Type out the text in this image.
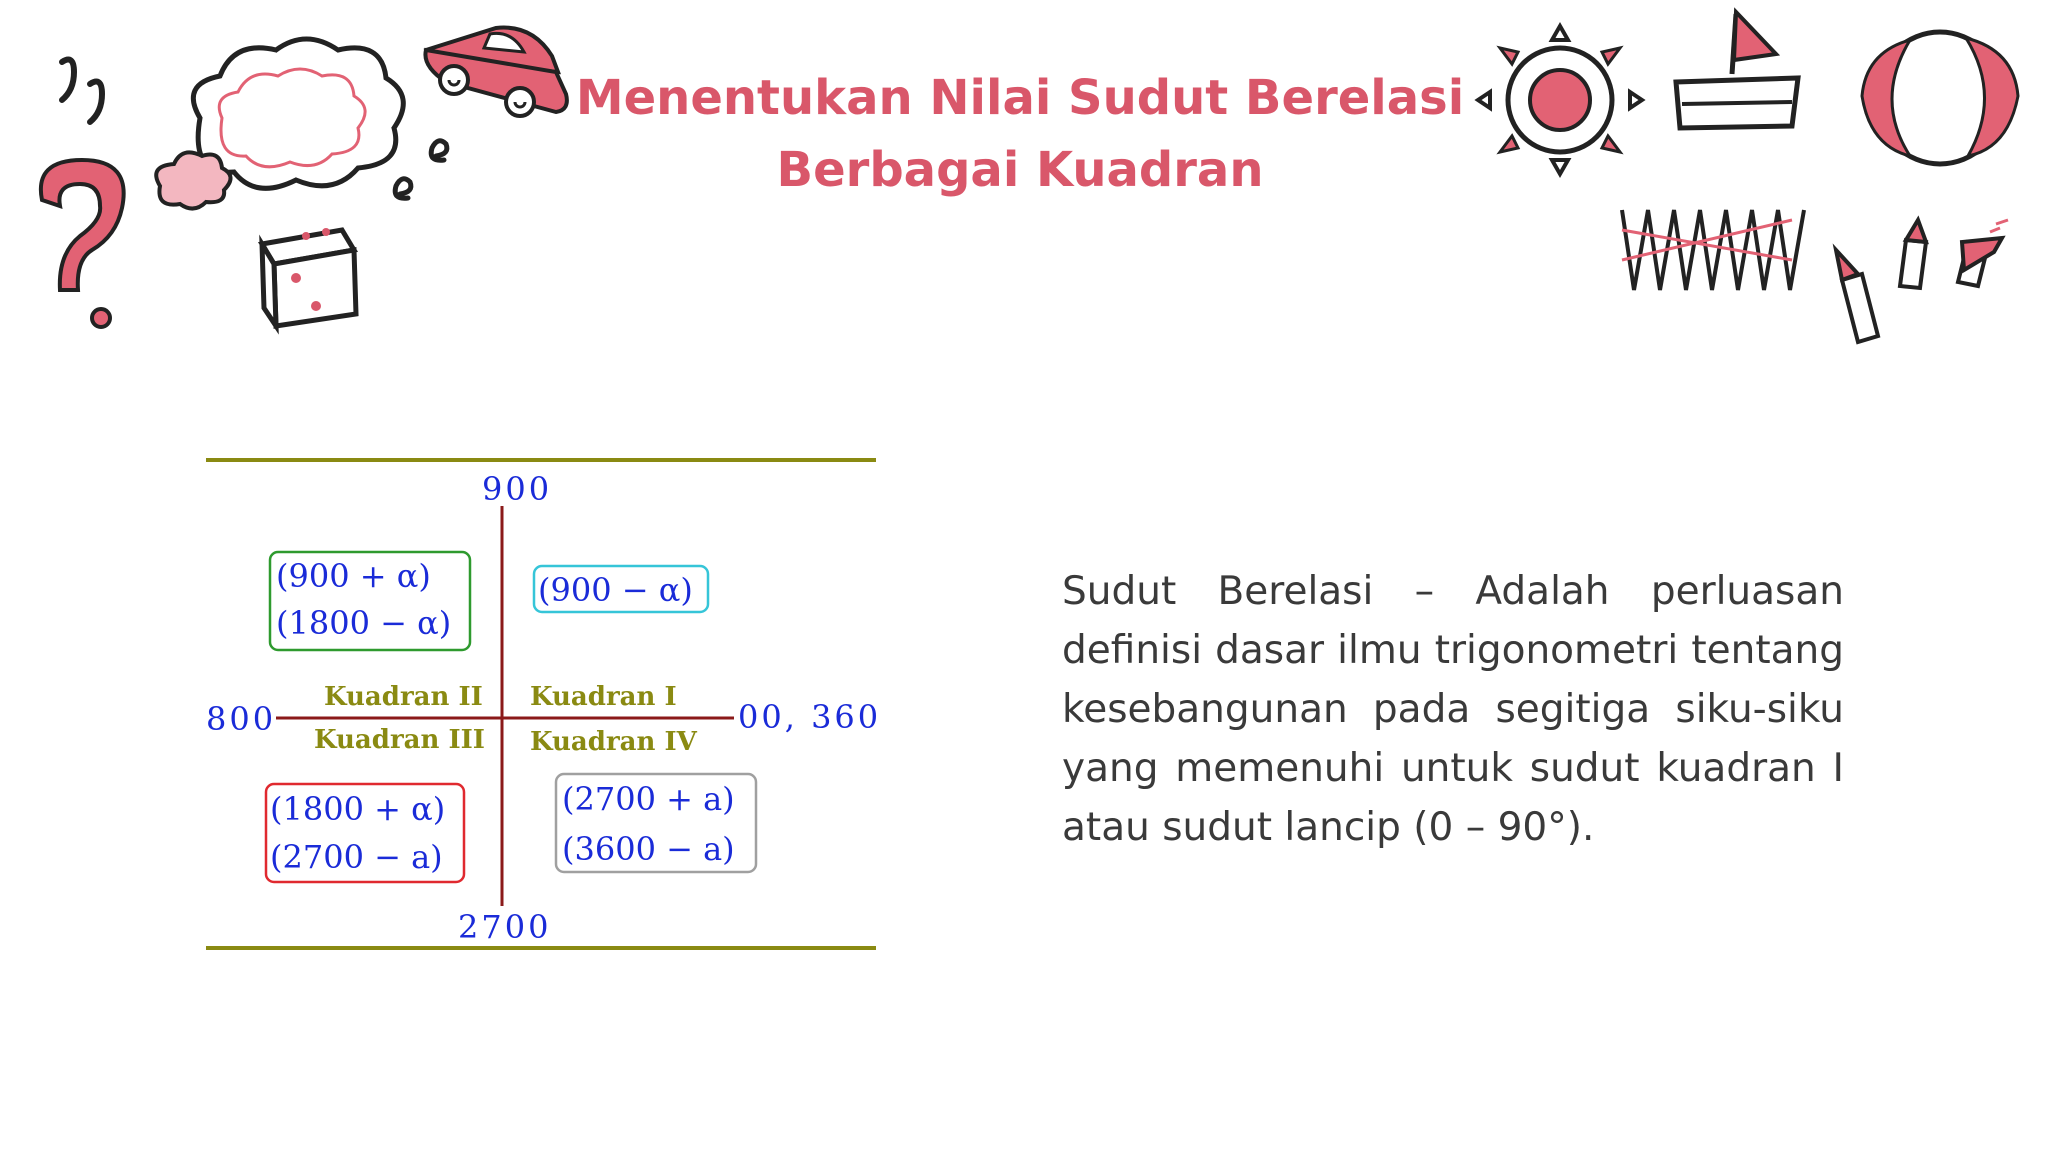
Menentukan Nilai Sudut Berelasi
Berbagai Kuadran
900
800	00, 360
2700
Kuadran II Kuadran I
Kuadran III Kuadran IV
(900 + α)
(1800 − α)
(900 − α)
(1800 + α)
(2700 − a)
(2700 + a)
(3600 − a)
Sudut Berelasi – Adalah perluasan definisi dasar ilmu trigonometri tentang kesebangunan pada segitiga siku-siku yang memenuhi untuk sudut kuadran I atau sudut lancip (0 – 90°).
